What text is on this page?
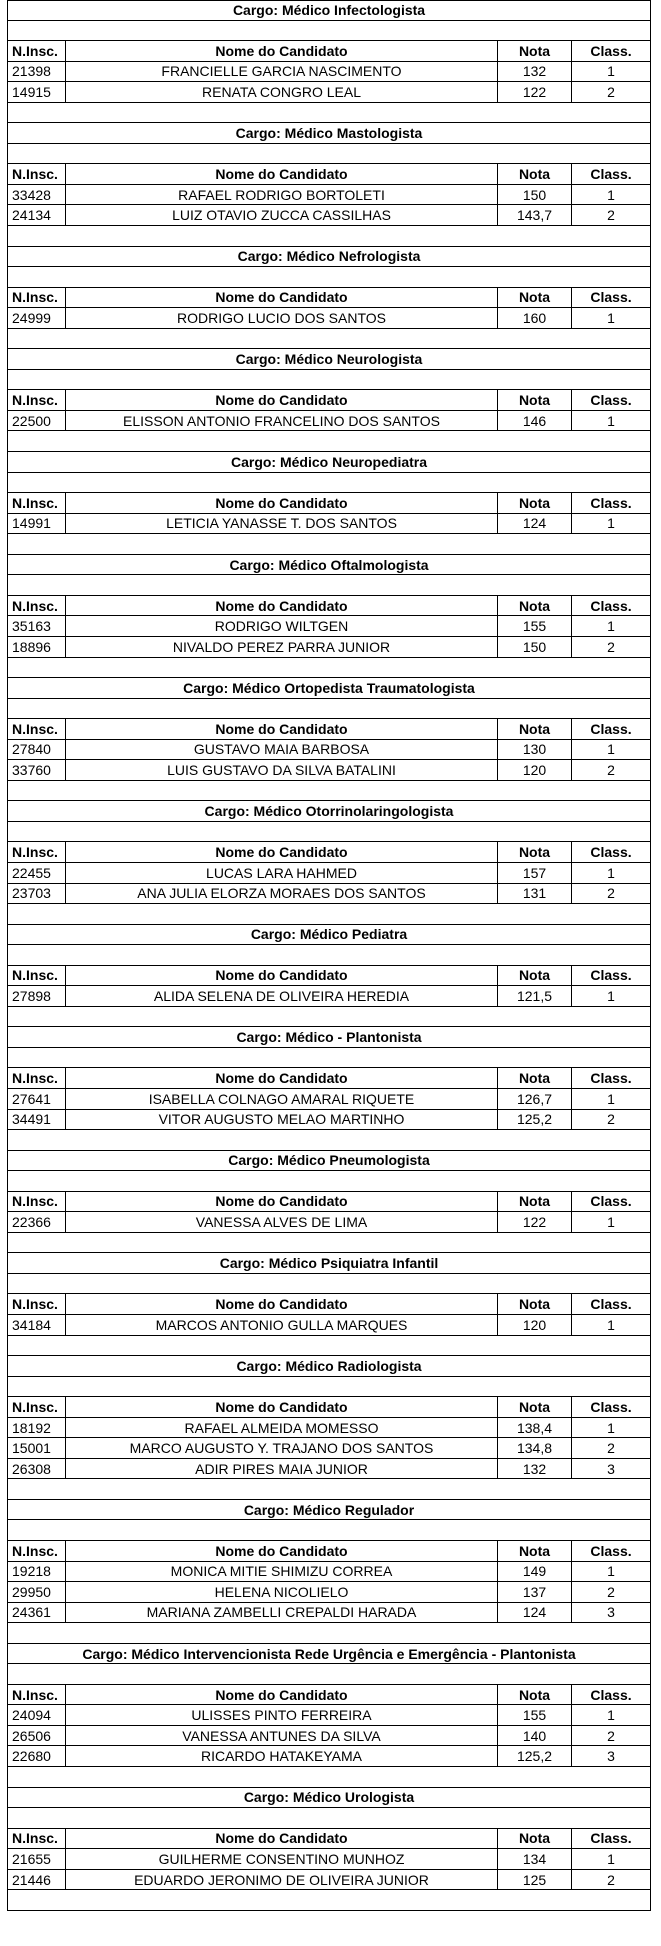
Cargo: Médico Infectologista
N.Insc.	Nome do Candidato	Nota	Class.
21398	FRANCIELLE GARCIA NASCIMENTO	132	1
14915	RENATA CONGRO LEAL	122	2
Cargo: Médico Mastologista
N.Insc.	Nome do Candidato	Nota	Class.
33428	RAFAEL RODRIGO BORTOLETI	150	1
24134	LUIZ OTAVIO ZUCCA CASSILHAS	143,7	2
Cargo: Médico Nefrologista
N.Insc.	Nome do Candidato	Nota	Class.
24999	RODRIGO LUCIO DOS SANTOS	160	1
Cargo: Médico Neurologista
N.Insc.	Nome do Candidato	Nota	Class.
22500	ELISSON ANTONIO FRANCELINO DOS SANTOS	146	1
Cargo: Médico Neuropediatra
N.Insc.	Nome do Candidato	Nota	Class.
14991	LETICIA YANASSE T. DOS SANTOS	124	1
Cargo: Médico Oftalmologista
N.Insc.	Nome do Candidato	Nota	Class.
35163	RODRIGO WILTGEN	155	1
18896	NIVALDO PEREZ PARRA JUNIOR	150	2
Cargo: Médico Ortopedista Traumatologista
N.Insc.	Nome do Candidato	Nota	Class.
27840	GUSTAVO MAIA BARBOSA	130	1
33760	LUIS GUSTAVO DA SILVA BATALINI	120	2
Cargo: Médico Otorrinolaringologista
N.Insc.	Nome do Candidato	Nota	Class.
22455	LUCAS LARA HAHMED	157	1
23703	ANA JULIA ELORZA MORAES DOS SANTOS	131	2
Cargo: Médico Pediatra
N.Insc.	Nome do Candidato	Nota	Class.
27898	ALIDA SELENA DE OLIVEIRA HEREDIA	121,5	1
Cargo: Médico - Plantonista
N.Insc.	Nome do Candidato	Nota	Class.
27641	ISABELLA COLNAGO AMARAL RIQUETE	126,7	1
34491	VITOR AUGUSTO MELAO MARTINHO	125,2	2
Cargo: Médico Pneumologista
N.Insc.	Nome do Candidato	Nota	Class.
22366	VANESSA ALVES DE LIMA	122	1
Cargo: Médico Psiquiatra Infantil
N.Insc.	Nome do Candidato	Nota	Class.
34184	MARCOS ANTONIO GULLA MARQUES	120	1
Cargo: Médico Radiologista
N.Insc.	Nome do Candidato	Nota	Class.
18192	RAFAEL ALMEIDA MOMESSO	138,4	1
15001	MARCO AUGUSTO Y. TRAJANO DOS SANTOS	134,8	2
26308	ADIR PIRES MAIA JUNIOR	132	3
Cargo: Médico Regulador
N.Insc.	Nome do Candidato	Nota	Class.
19218	MONICA MITIE SHIMIZU CORREA	149	1
29950	HELENA NICOLIELO	137	2
24361	MARIANA ZAMBELLI CREPALDI HARADA	124	3
Cargo: Médico Intervencionista Rede Urgência e Emergência - Plantonista
N.Insc.	Nome do Candidato	Nota	Class.
24094	ULISSES PINTO FERREIRA	155	1
26506	VANESSA ANTUNES DA SILVA	140	2
22680	RICARDO HATAKEYAMA	125,2	3
Cargo: Médico Urologista
N.Insc.	Nome do Candidato	Nota	Class.
21655	GUILHERME CONSENTINO MUNHOZ	134	1
21446	EDUARDO JERONIMO DE OLIVEIRA JUNIOR	125	2
